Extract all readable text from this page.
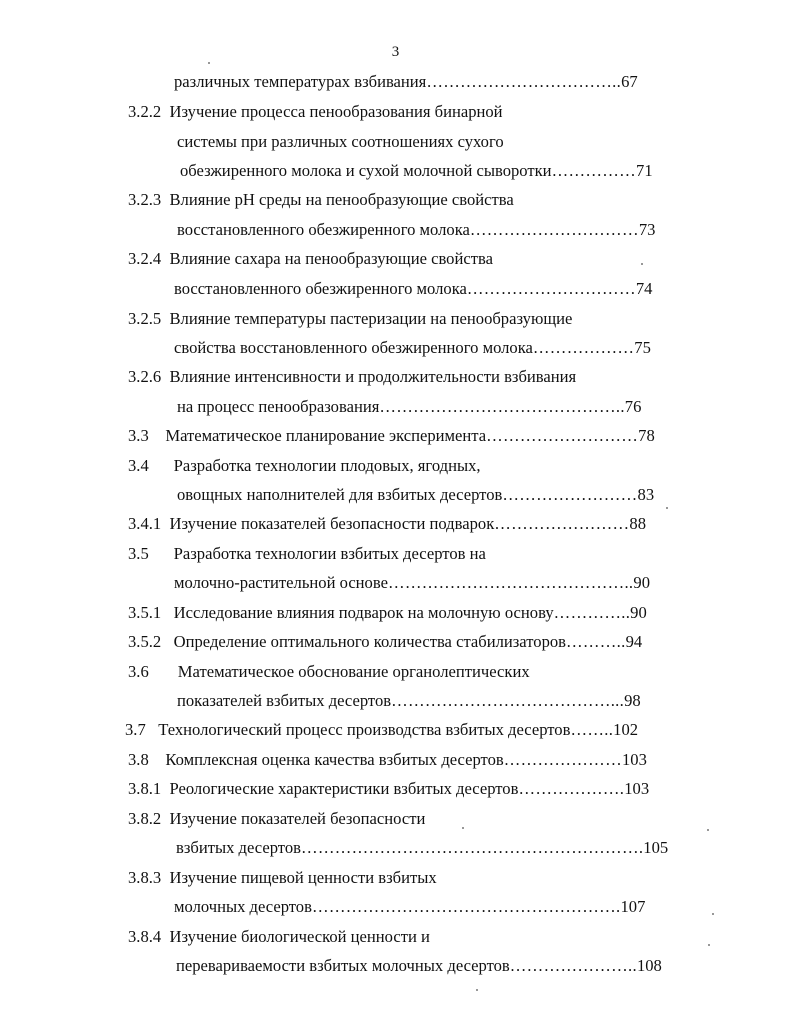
3
различных температурах взбивания……………………………..67
3.2.2 Изучение процесса пенообразования бинарной
системы при различных соотношениях сухого
обезжиренного молока и сухой молочной сыворотки……………71
3.2.3 Влияние pH среды на пенообразующие свойства
восстановленного обезжиренного молока…………………………73
3.2.4 Влияние сахара на пенообразующие свойства
восстановленного обезжиренного молока…………………………74
3.2.5 Влияние температуры пастеризации на пенообразующие
свойства восстановленного обезжиренного молока………………75
3.2.6 Влияние интенсивности и продолжительности взбивания
на процесс пенообразования……………………………………..76
3.3 Математическое планирование эксперимента………………………78
3.4 Разработка технологии плодовых, ягодных,
овощных наполнителей для взбитых десертов……………………83
3.4.1 Изучение показателей безопасности подварок……………………88
3.5 Разработка технологии взбитых десертов на
молочно-растительной основе……………………………………..90
3.5.1 Исследование влияния подварок на молочную основу…………..90
3.5.2 Определение оптимального количества стабилизаторов………..94
3.6 Математическое обоснование органолептических
показателей взбитых десертов…………………………………...98
3.7 Технологический процесс производства взбитых десертов……..102
3.8 Комплексная оценка качества взбитых десертов…………………103
3.8.1 Реологические характеристики взбитых десертов……………….103
3.8.2 Изучение показателей безопасности
взбитых десертов…………………………………………………….105
3.8.3 Изучение пищевой ценности взбитых
молочных десертов……………………………………………….107
3.8.4 Изучение биологической ценности и
перевариваемости взбитых молочных десертов…………………..108
